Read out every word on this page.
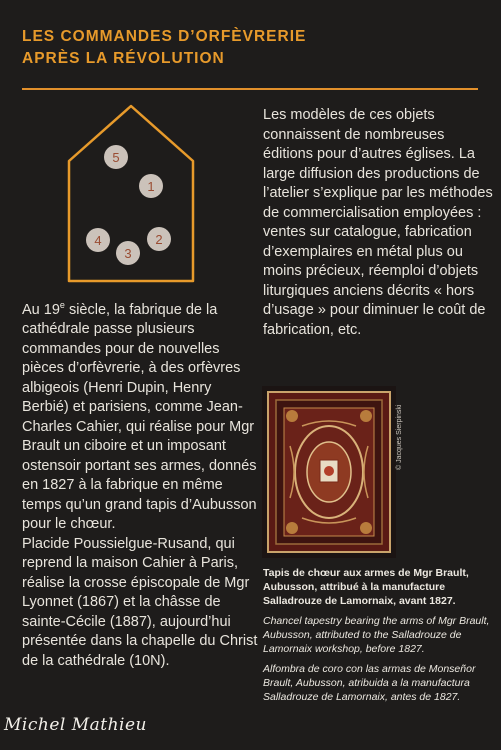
LES COMMANDES D’ORFÈVRERIE
APRÈS LA RÉVOLUTION
5
1
4
3
2

Les modèles de ces objets connaissent de nombreuses éditions pour d’autres églises. La large diffusion des productions de l’atelier s’explique par les méthodes de commercialisation employées : ventes sur catalogue, fabrication d’exemplaires en métal plus ou moins précieux, réemploi d’objets liturgiques anciens décrits « hors d’usage » pour diminuer le coût de fabrication, etc.

Au 19e siècle, la fabrique de la cathédrale passe plusieurs commandes pour de nouvelles pièces d’orfèvrerie, à des orfèvres albigeois (Henri Dupin, Henry Berbié) et parisiens, comme Jean-Charles Cahier, qui réalise pour Mgr Brault un ciboire et un imposant ostensoir portant ses armes, donnés en 1827 à la fabrique en même temps qu’un grand tapis d’Aubusson pour le chœur.

Placide Poussielgue-Rusand, qui reprend la maison Cahier à Paris, réalise la crosse épiscopale de Mgr Lyonnet (1867) et la châsse de sainte-Cécile (1887), aujourd’hui présentée dans la chapelle du Christ de la cathédrale (10N).

© Jacques Sierpinski

Tapis de chœur aux armes de Mgr Brault, Aubusson, attribué à la manufacture Salladrouze de Lamornaix, avant 1827.

Chancel tapestry bearing the arms of Mgr Brault, Aubusson, attributed to the Salladrouze de Lamornaix workshop, before 1827.

Alfombra de coro con las armas de Monseñor Brault, Aubusson, atribuida a la manufactura Salladrouze de Lamornaix, antes de 1827.

Michel Mathieu
